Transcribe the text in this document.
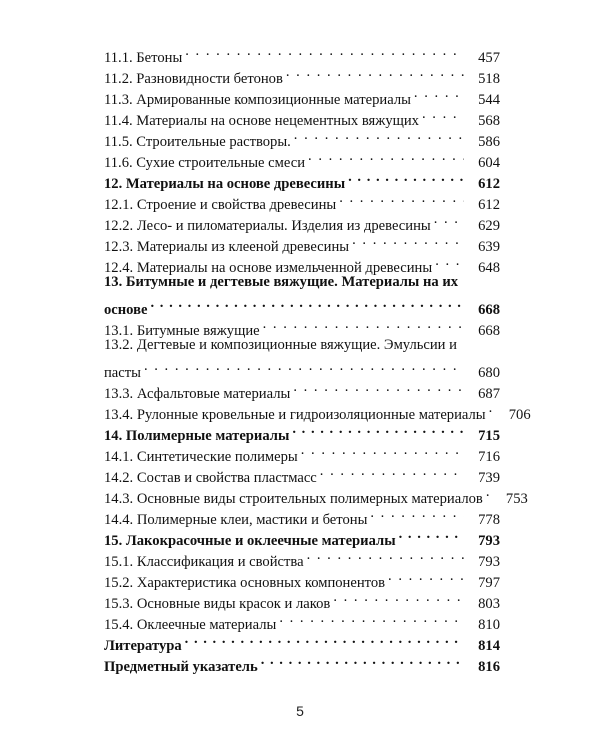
11.1. Бетоны . . .	457
11.2. Разновидности бетонов . . .	518
11.3. Армированные композиционные материалы . . .	544
11.4. Материалы на основе нецементных вяжущих . . .	568
11.5. Строительные растворы. . . .	586
11.6. Сухие строительные смеси . . .	604
12. Материалы на основе древесины . . .	612
12.1. Строение и свойства древесины . . .	612
12.2. Лесо- и пиломатериалы. Изделия из древесины . . .	629
12.3. Материалы из клееной древесины . . .	639
12.4. Материалы на основе измельченной древесины . . .	648
13. Битумные и дегтевые вяжущие. Материалы на их
основе . . .	668
13.1. Битумные вяжущие . . .	668
13.2. Дегтевые и композиционные вяжущие. Эмульсии и
пасты . . .	680
13.3. Асфальтовые материалы . . .	687
13.4. Рулонные кровельные и гидроизоляционные материалы . . .	706
14. Полимерные материалы . . .	715
14.1. Синтетические полимеры . . .	716
14.2. Состав и свойства пластмасс . . .	739
14.3. Основные виды строительных полимерных материалов . . .	753
14.4. Полимерные клеи, мастики и бетоны . . .	778
15. Лакокрасочные и оклеечные материалы . . .	793
15.1. Классификация и свойства . . .	793
15.2. Характеристика основных компонентов . . .	797
15.3. Основные виды красок и лаков . . .	803
15.4. Оклеечные материалы . . .	810
Литература . . .	814
Предметный указатель . . .	816
5
